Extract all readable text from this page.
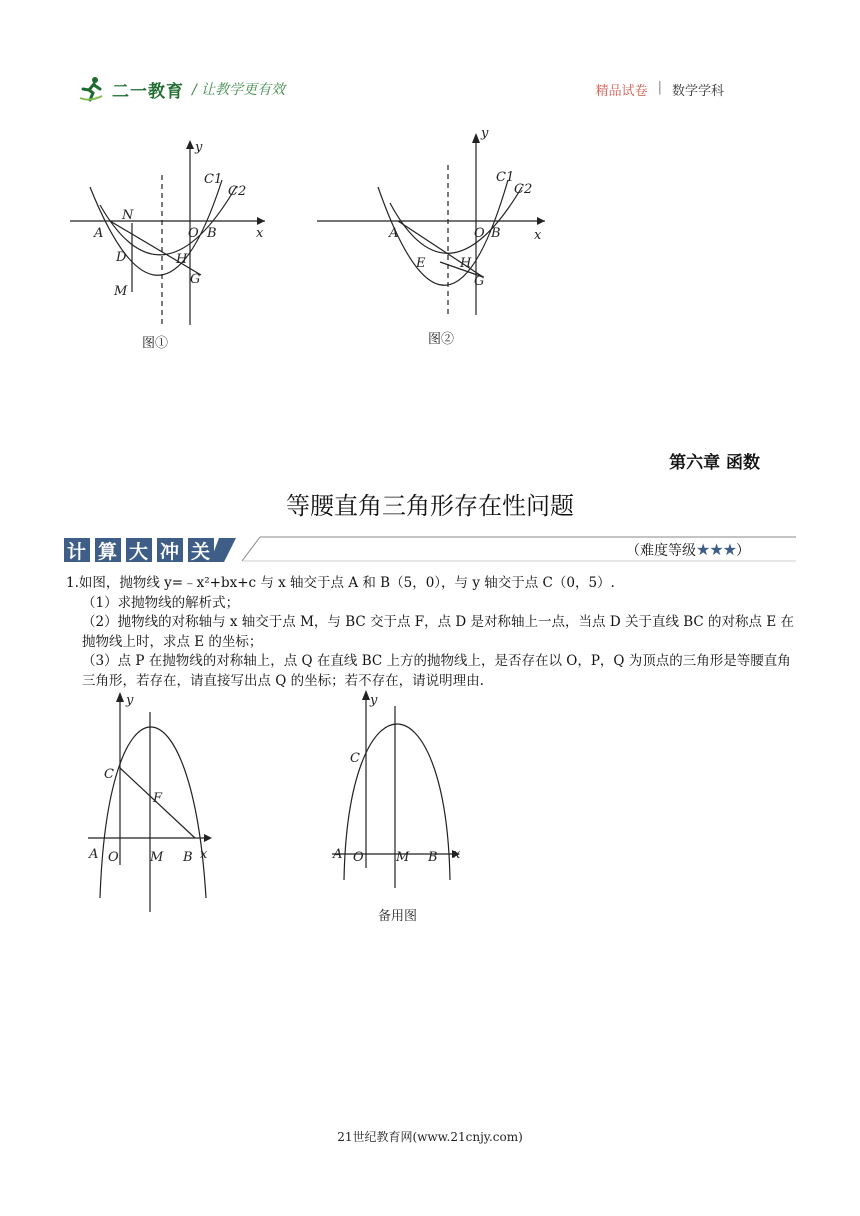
二一教育 / 让教学更有效	精品试卷 | 数学学科
y
C1
C2
N
A	O B	x
D	H
M
G
图①
y
C1
C2
A	O B	x
E	H
G
图②
第六章 函数
等腰直角三角形存在性问题
计 算 大 冲 关	（难度等级★★★）

1.如图，抛物线 y=﹣x²+bx+c 与 x 轴交于点 A 和 B（5，0），与 y 轴交于点 C（0，5）.

（1）求抛物线的解析式；

（2）抛物线的对称轴与 x 轴交于点 M，与 BC 交于点 F，点 D 是对称轴上一点，当点 D 关于直线 BC 的对称点 E 在抛物线上时，求点 E 的坐标；

（3）点 P 在抛物线的对称轴上，点 Q 在直线 BC 上方的抛物线上，是否存在以 O，P，Q 为顶点的三角形是等腰直角三角形，若存在，请直接写出点 Q 的坐标；若不存在，请说明理由.

y
C
F
A O M B x
y
C
A O M B x
备用图
21世纪教育网(www.21cnjy.com)
